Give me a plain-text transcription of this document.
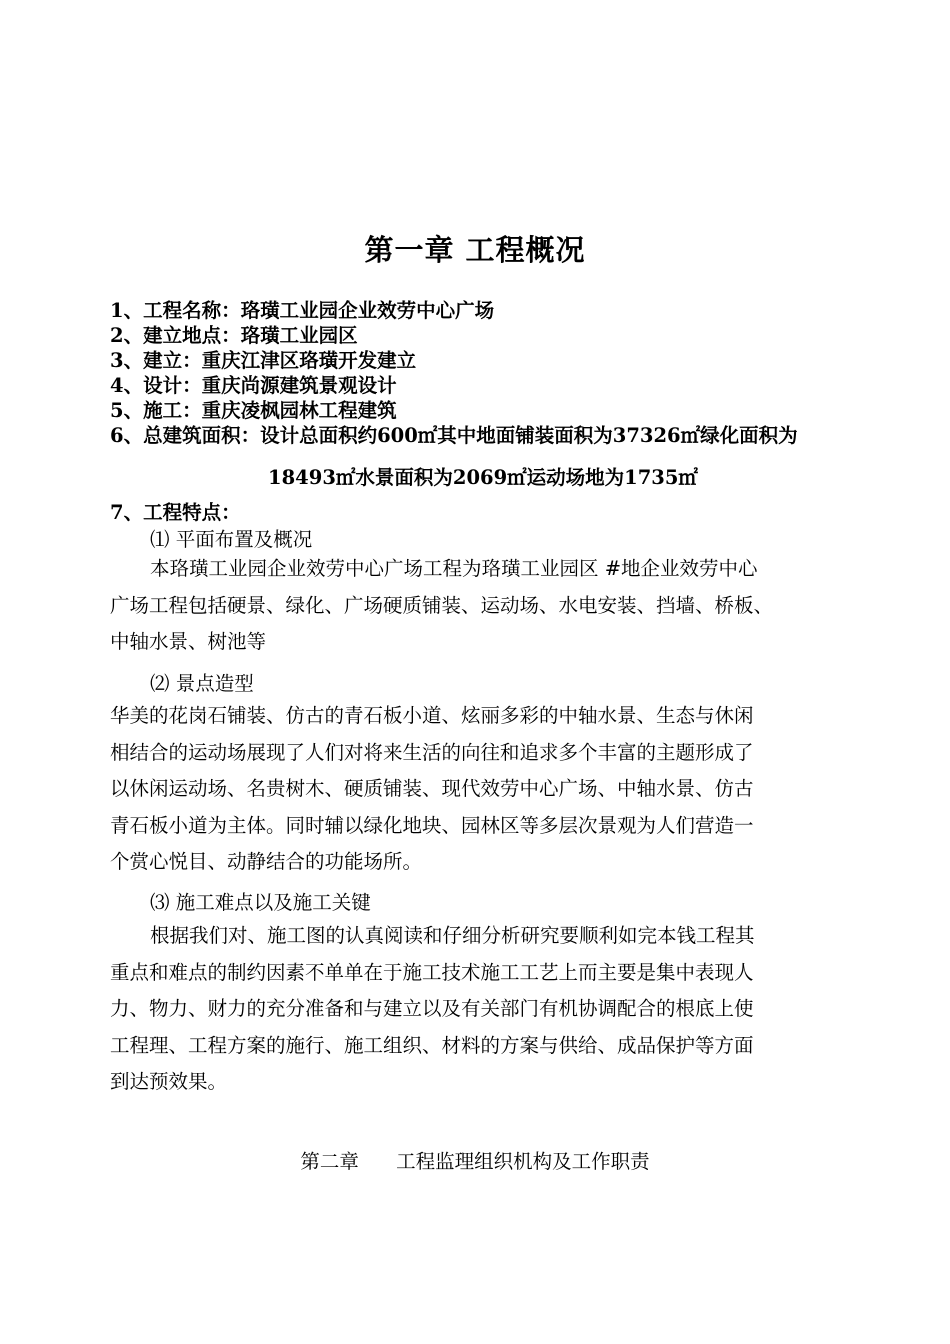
第一章 工程概况
1、工程名称：珞璜工业园企业效劳中心广场
2、建立地点：珞璜工业园区
3、建立：重庆江津区珞璜开发建立
4、设计：重庆尚源建筑景观设计
5、施工：重庆凌枫园林工程建筑
6、总建筑面积：设计总面积约600㎡其中地面铺装面积为37326㎡绿化面积为
18493㎡水景面积为2069㎡运动场地为1735㎡
7、工程特点：
⑴ 平面布置及概况

本珞璜工业园企业效劳中心广场工程为珞璜工业园区 #地企业效劳中心

广场工程包括硬景、绿化、广场硬质铺装、运动场、水电安装、挡墙、桥板、

中轴水景、树池等

⑵ 景点造型

华美的花岗石铺装、仿古的青石板小道、炫丽多彩的中轴水景、生态与休闲

相结合的运动场展现了人们对将来生活的向往和追求多个丰富的主题形成了

以休闲运动场、名贵树木、硬质铺装、现代效劳中心广场、中轴水景、仿古

青石板小道为主体。同时辅以绿化地块、园林区等多层次景观为人们营造一

个赏心悦目、动静结合的功能场所。

⑶ 施工难点以及施工关键

根据我们对、施工图的认真阅读和仔细分析研究要顺利如完本钱工程其

重点和难点的制约因素不单单在于施工技术施工工艺上而主要是集中表现人

力、物力、财力的充分准备和与建立以及有关部门有机协调配合的根底上使

工程理、工程方案的施行、施工组织、材料的方案与供给、成品保护等方面

到达预效果。

第二章      工程监理组织机构及工作职责
